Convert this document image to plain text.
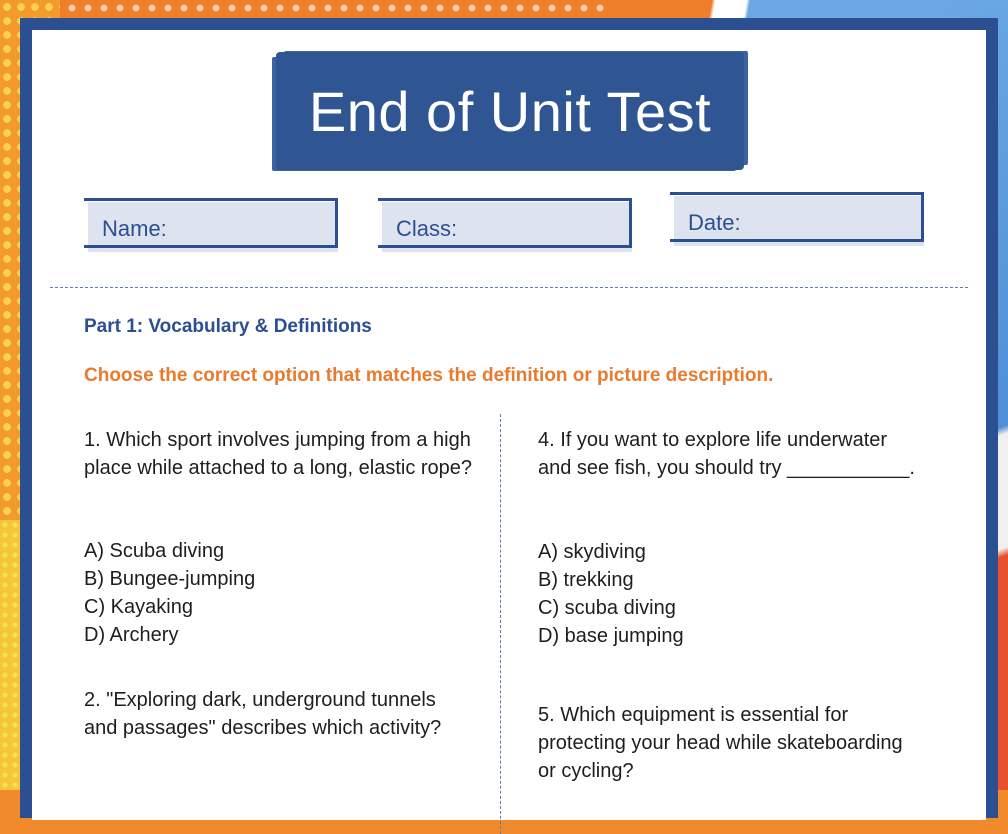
End of Unit Test
Name:	Class:	Date:
Part 1: Vocabulary & Definitions
Choose the correct option that matches the definition or picture description.
1. Which sport involves jumping from a high place while attached to a long, elastic rope?
A) Scuba diving
B) Bungee-jumping
C) Kayaking
D) Archery
2. "Exploring dark, underground tunnels and passages" describes which activity?
4. If you want to explore life underwater and see fish, you should try ___________.
A) skydiving
B) trekking
C) scuba diving
D) base jumping
5. Which equipment is essential for protecting your head while skateboarding or cycling?
